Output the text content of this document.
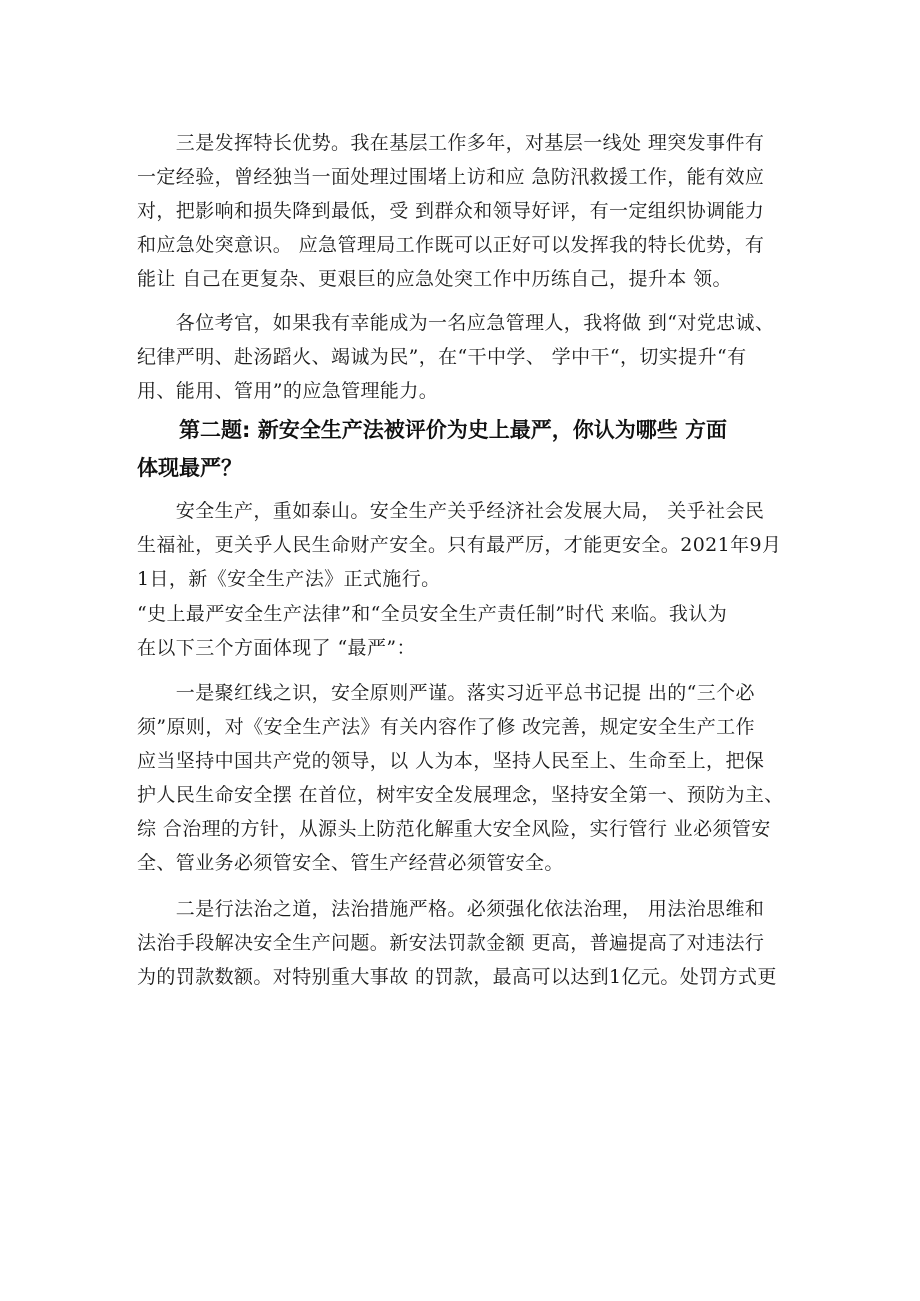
　　三是发挥特长优势。我在基层工作多年，对基层一线处 理突发事件有
一定经验，曾经独当一面处理过围堵上访和应 急防汛救援工作，能有效应
对，把影响和损失降到最低，受 到群众和领导好评，有一定组织协调能力
和应急处突意识。 应急管理局工作既可以正好可以发挥我的特长优势，有
能让 自己在更复杂、更艰巨的应急处突工作中历练自己，提升本 领。
　　各位考官，如果我有幸能成为一名应急管理人，我将做 到“对党忠诚、
纪律严明、赴汤蹈火、竭诚为民”，在“干中学、 学中干“，切实提升“有
用、能用、管用”的应急管理能力。
　　第二题: 新安全生产法被评价为史上最严，你认为哪些 方面
体现最严？
　　安全生产，重如泰山。安全生产关乎经济社会发展大局， 关乎社会民
生福祉，更关乎人民生命财产安全。只有最严厉，才能更安全。2021年9月
1日，新《安全生产法》正式施行。
“史上最严安全生产法律”和“全员安全生产责任制”时代 来临。我认为
在以下三个方面体现了 “最严”：
　　一是聚红线之识，安全原则严谨。落实习近平总书记提 出的“三个必
须”原则，对《安全生产法》有关内容作了修 改完善，规定安全生产工作
应当坚持中国共产党的领导，以 人为本，坚持人民至上、生命至上，把保
护人民生命安全摆 在首位，树牢安全发展理念，坚持安全第一、预防为主、
综 合治理的方针，从源头上防范化解重大安全风险，实行管行 业必须管安
全、管业务必须管安全、管生产经营必须管安全。
　　二是行法治之道，法治措施严格。必须强化依法治理， 用法治思维和
法治手段解决安全生产问题。新安法罚款金额 更高，普遍提高了对违法行
为的罚款数额。对特别重大事故 的罚款，最高可以达到1亿元。处罚方式更
